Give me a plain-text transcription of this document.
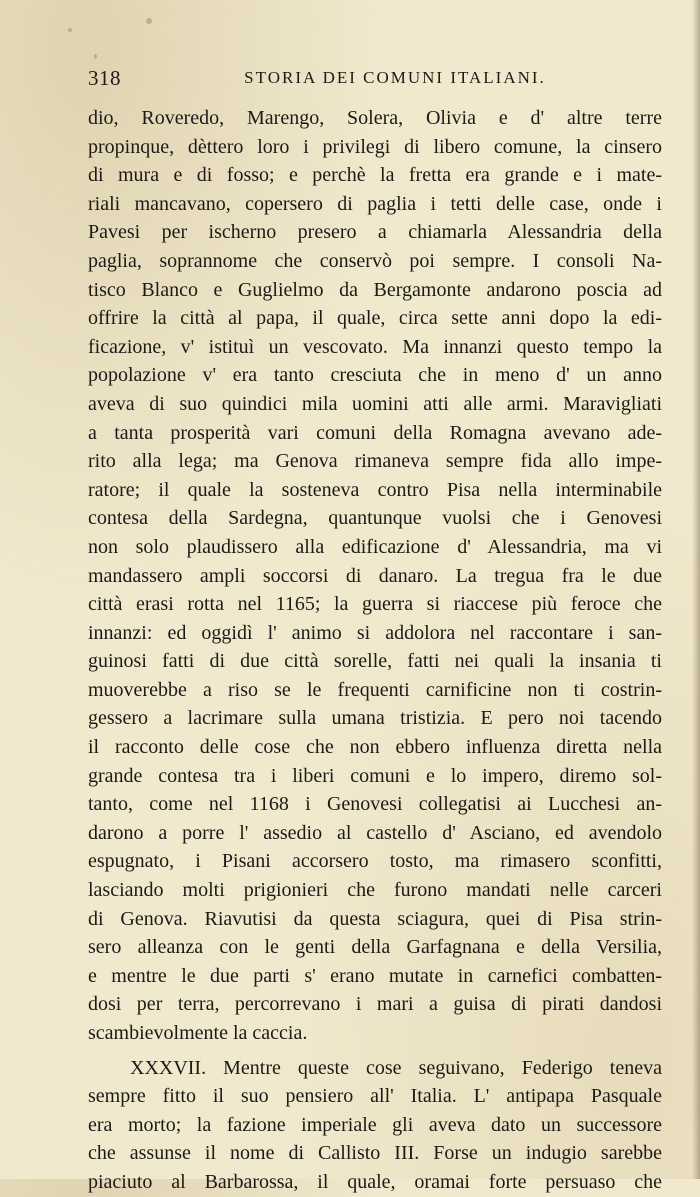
318	STORIA DEI COMUNI ITALIANI.
dio, Roveredo, Marengo, Solera, Olivia e d' altre terre
propinque, dèttero loro i privilegi di libero comune, la cinsero
di mura e di fosso; e perchè la fretta era grande e i mate-
riali mancavano, copersero di paglia i tetti delle case, onde i
Pavesi per ischerno presero a chiamarla Alessandria della
paglia, soprannome che conservò poi sempre. I consoli Na-
tisco Blanco e Guglielmo da Bergamonte andarono poscia ad
offrire la città al papa, il quale, circa sette anni dopo la edi-
ficazione, v' istituì un vescovato. Ma innanzi questo tempo la
popolazione v' era tanto cresciuta che in meno d' un anno
aveva di suo quindici mila uomini atti alle armi. Maravigliati
a tanta prosperità vari comuni della Romagna avevano ade-
rito alla lega; ma Genova rimaneva sempre fida allo impe-
ratore; il quale la sosteneva contro Pisa nella interminabile
contesa della Sardegna, quantunque vuolsi che i Genovesi
non solo plaudissero alla edificazione d' Alessandria, ma vi
mandassero ampli soccorsi di danaro. La tregua fra le due
città erasi rotta nel 1165; la guerra si riaccese più feroce che
innanzi: ed oggidì l' animo si addolora nel raccontare i san-
guinosi fatti di due città sorelle, fatti nei quali la insania ti
muoverebbe a riso se le frequenti carnificine non ti costrin-
gessero a lacrimare sulla umana tristizia. E pero noi tacendo
il racconto delle cose che non ebbero influenza diretta nella
grande contesa tra i liberi comuni e lo impero, diremo sol-
tanto, come nel 1168 i Genovesi collegatisi ai Lucchesi an-
darono a porre l' assedio al castello d' Asciano, ed avendolo
espugnato, i Pisani accorsero tosto, ma rimasero sconfitti,
lasciando molti prigionieri che furono mandati nelle carceri
di Genova. Riavutisi da questa sciagura, quei di Pisa strin-
sero alleanza con le genti della Garfagnana e della Versilia,
e mentre le due parti s' erano mutate in carnefici combatten-
dosi per terra, percorrevano i mari a guisa di pirati dandosi
scambievolmente la caccia.
XXXVII. Mentre queste cose seguivano, Federigo teneva
sempre fitto il suo pensiero all' Italia. L' antipapa Pasquale
era morto; la fazione imperiale gli aveva dato un successore
che assunse il nome di Callisto III. Forse un indugio sarebbe
piaciuto al Barbarossa, il quale, oramai forte persuaso che
